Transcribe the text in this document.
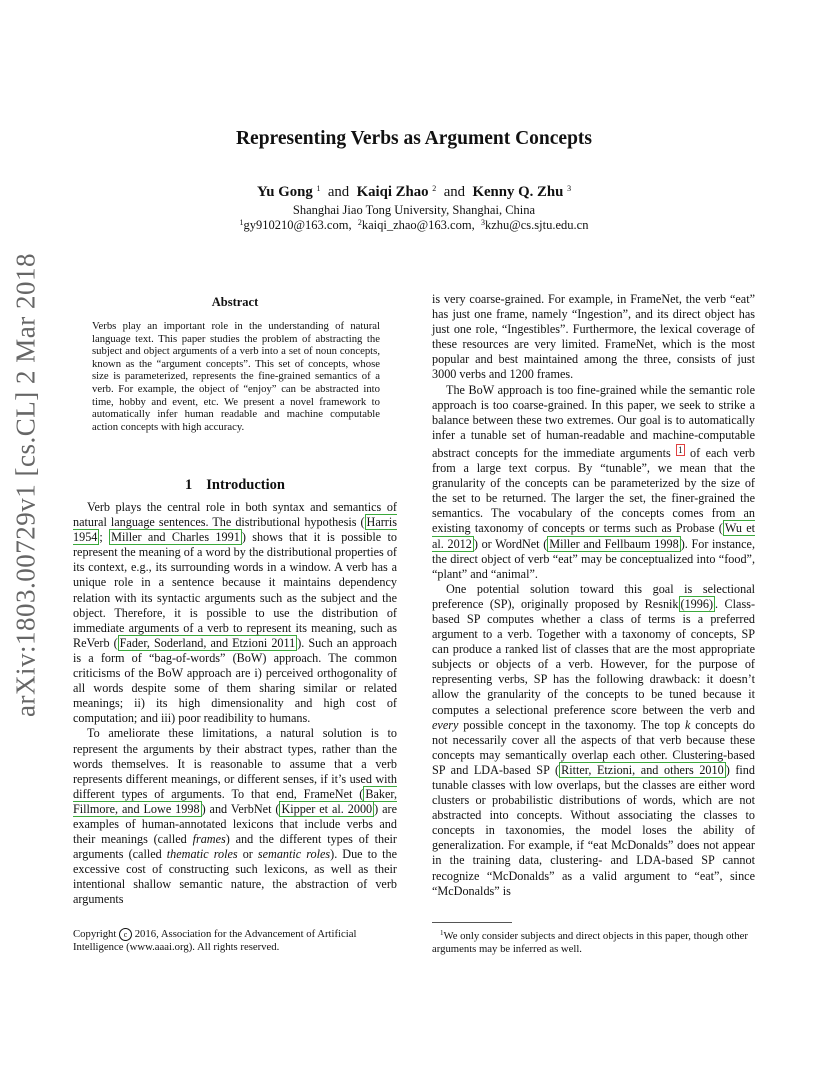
arXiv:1803.00729v1 [cs.CL] 2 Mar 2018
Representing Verbs as Argument Concepts
Yu Gong $^1$ and Kaiqi Zhao $^2$ and Kenny Q. Zhu $^3$
Shanghai Jiao Tong University, Shanghai, China
$^1$gy910210@163.com, $^2$kaiqi_zhao@163.com, $^3$kzhu@cs.sjtu.edu.cn
Abstract
Verbs play an important role in the understanding of natural language text. This paper studies the problem of abstracting the subject and object arguments of a verb into a set of noun concepts, known as the “argument concepts”. This set of concepts, whose size is parameterized, represents the fine-grained semantics of a verb. For example, the object of “enjoy” can be abstracted into time, hobby and event, etc. We present a novel framework to automatically infer human readable and machine computable action concepts with high accuracy.
1 Introduction

Verb plays the central role in both syntax and semantics of natural language sentences. The distributional hypothesis ( Harris 1954 ; Miller and Charles 1991 ) shows that it is possible to represent the meaning of a word by the distributional properties of its context, e.g., its surrounding words in a window. A verb has a unique role in a sentence because it maintains dependency relation with its syntactic arguments such as the subject and the object. Therefore, it is possible to use the distribution of immediate arguments of a verb to represent its meaning, such as ReVerb ( Fader, Soderland, and Etzioni 2011 ). Such an approach is a form of “bag-of-words” (BoW) approach. The common criticisms of the BoW approach are i) perceived orthogonality of all words despite some of them sharing similar or related meanings; ii) its high dimensionality and high cost of computation; and iii) poor readibility to humans.

To ameliorate these limitations, a natural solution is to represent the arguments by their abstract types, rather than the words themselves. It is reasonable to assume that a verb represents different meanings, or different senses, if it’s used with different types of arguments. To that end, FrameNet ( Baker, Fillmore, and Lowe 1998 ) and VerbNet ( Kipper et al. 2000 ) are examples of human-annotated lexicons that include verbs and their meanings (called frames) and the different types of their arguments (called thematic roles or semantic roles). Due to the excessive cost of constructing such lexicons, as well as their intentional shallow semantic nature, the abstraction of verb arguments

is very coarse-grained. For example, in FrameNet, the verb “eat” has just one frame, namely “Ingestion”, and its direct object has just one role, “Ingestibles”. Furthermore, the lexical coverage of these resources are very limited. FrameNet, which is the most popular and best maintained among the three, consists of just 3000 verbs and 1200 frames.

The BoW approach is too fine-grained while the semantic role approach is too coarse-grained. In this paper, we seek to strike a balance between these two extremes. Our goal is to automatically infer a tunable set of human-readable and machine-computable abstract concepts for the immediate arguments $^1$ of each verb from a large text corpus. By “tunable”, we mean that the granularity of the concepts can be parameterized by the size of the set to be returned. The larger the set, the finer-grained the semantics. The vocabulary of the concepts comes from an existing taxonomy of concepts or terms such as Probase ( Wu et al. 2012 ) or WordNet ( Miller and Fellbaum 1998 ). For instance, the direct object of verb “eat” may be conceptualized into “food”, “plant” and “animal”.

One potential solution toward this goal is selectional preference (SP), originally proposed by Resnik (1996) . Class-based SP computes whether a class of terms is a preferred argument to a verb. Together with a taxonomy of concepts, SP can produce a ranked list of classes that are the most appropriate subjects or objects of a verb. However, for the purpose of representing verbs, SP has the following drawback: it doesn’t allow the granularity of the concepts to be tuned because it computes a selectional preference score between the verb and every possible concept in the taxonomy. The top k concepts do not necessarily cover all the aspects of that verb because these concepts may semantically overlap each other. Clustering-based SP and LDA-based SP ( Ritter, Etzioni, and others 2010 ) find tunable classes with low overlaps, but the classes are either word clusters or probabilistic distributions of words, which are not abstracted into concepts. Without associating the classes to concepts in taxonomies, the model loses the ability of generalization. For example, if “eat McDonalds” does not appear in the training data, clustering- and LDA-based SP cannot recognize “McDonalds” as a valid argument to “eat”, since “McDonalds” is

Copyright c 2016, Association for the Advancement of Artificial Intelligence (www.aaai.org). All rights reserved.
$^1$We only consider subjects and direct objects in this paper, though other arguments may be inferred as well.
